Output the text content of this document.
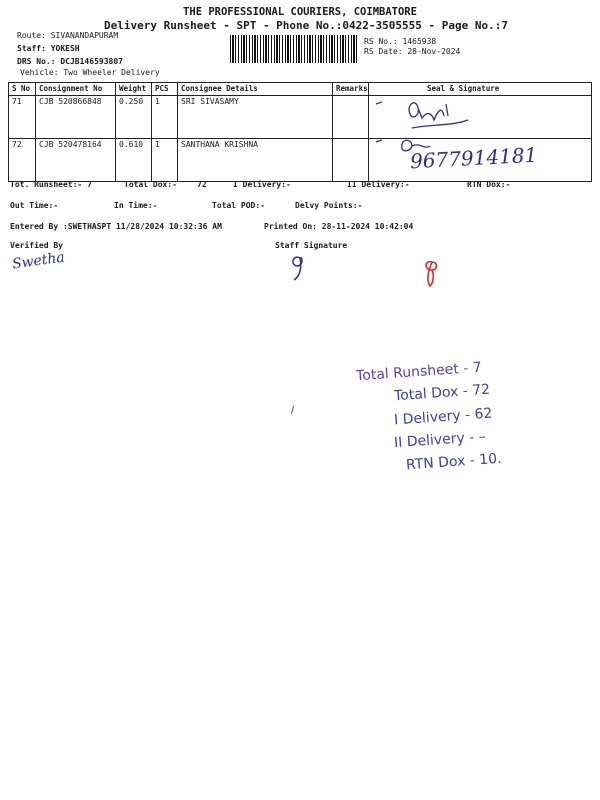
THE PROFESSIONAL COURIERS, COIMBATORE
Delivery Runsheet - SPT - Phone No.:0422-3505555 - Page No.:7
Route: SIVANANDAPURAM
Staff: YOKESH
DRS No.: DCJB146593807
Vehicle: Two Wheeler Delivery
RS No.: 1465938
RS Date: 28-Nov-2024
S No	Consignment No	Weight	PCS	Consignee Details	Remarks	Seal & Signature
71	CJB 520866848	0.250	1	SRI SIVASAMY		
72	CJB 520478164	0.610	1	SANTHANA KRISHNA			9677914181
Tot. Runsheet:- 7	Total Dox:-	72	I Delivery:-	II Delivery:-	RTN Dox:-
Out Time:-	In Time:-	Total POD:-	Delvy Points:-
Entered By :SWETHASPT 11/28/2024 10:32:36 AM	Printed On: 28-11-2024 10:42:04
Verified By	Staff Signature
Swetha
Total Runsheet - 7
Total Dox - 72
I Delivery - 62
II Delivery - –
RTN Dox - 10.
